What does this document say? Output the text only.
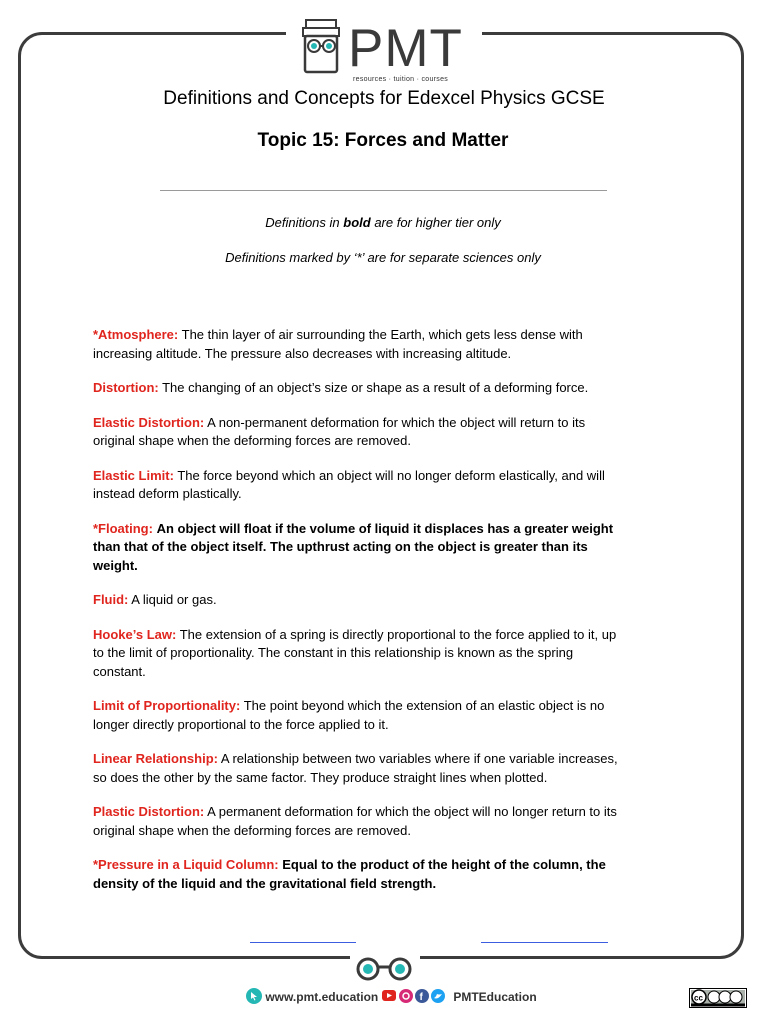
PMT
resources · tuition · courses
Definitions and Concepts for Edexcel Physics GCSE
Topic 15: Forces and Matter
Definitions in bold are for higher tier only
Definitions marked by ‘*’ are for separate sciences only
*Atmosphere: The thin layer of air surrounding the Earth, which gets less dense with increasing altitude. The pressure also decreases with increasing altitude.
Distortion: The changing of an object’s size or shape as a result of a deforming force.
Elastic Distortion: A non-permanent deformation for which the object will return to its original shape when the deforming forces are removed.
Elastic Limit: The force beyond which an object will no longer deform elastically, and will instead deform plastically.
*Floating: An object will float if the volume of liquid it displaces has a greater weight than that of the object itself. The upthrust acting on the object is greater than its weight.
Fluid: A liquid or gas.
Hooke’s Law: The extension of a spring is directly proportional to the force applied to it, up to the limit of proportionality. The constant in this relationship is known as the spring constant.
Limit of Proportionality: The point beyond which the extension of an elastic object is no longer directly proportional to the force applied to it.
Linear Relationship: A relationship between two variables where if one variable increases, so does the other by the same factor. They produce straight lines when plotted.
Plastic Distortion: A permanent deformation for which the object will no longer return to its original shape when the deforming forces are removed.
*Pressure in a Liquid Column: Equal to the product of the height of the column, the density of the liquid and the gravitational field strength.
www.pmt.education	f	PMTEducation	cc
